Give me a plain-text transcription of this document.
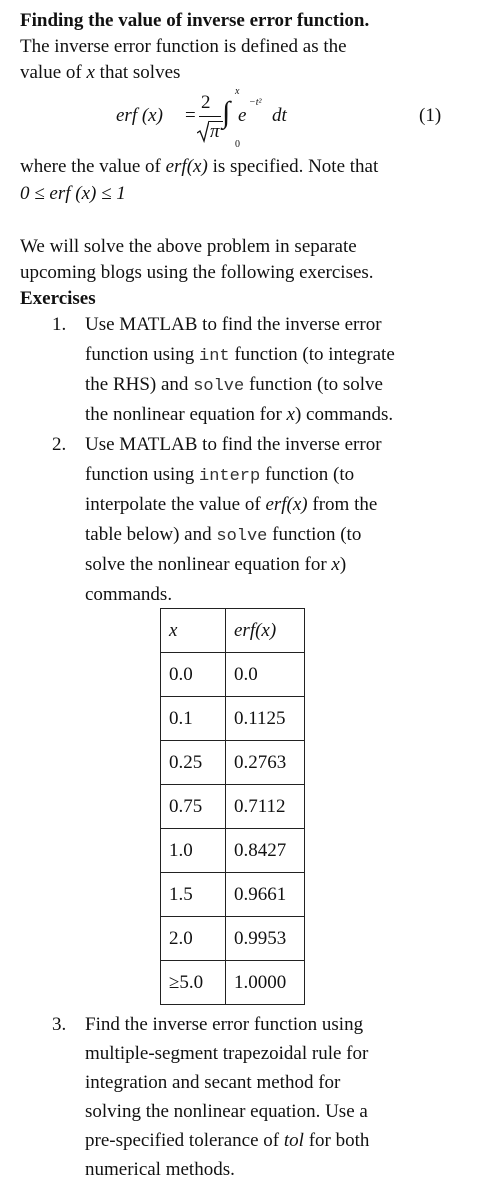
Finding the value of inverse error function.
The inverse error function is defined as the
value of x that solves
erf (x) =
2
π
x
∫
0
e
−t²
dt	(1)
where the value of erf(x) is specified. Note that
0 ≤ erf (x) ≤ 1
We will solve the above problem in separate
upcoming blogs using the following exercises.
Exercises
1. Use MATLAB to find the inverse error
function using int function (to integrate
the RHS) and solve function (to solve
the nonlinear equation for x) commands.
2. Use MATLAB to find the inverse error
function using interp function (to
interpolate the value of erf(x) from the
table below) and solve function (to
solve the nonlinear equation for x)
commands.
x	erf(x)
0.0	0.0
0.1	0.1125
0.25	0.2763
0.75	0.7112
1.0	0.8427
1.5	0.9661
2.0	0.9953
≥5.0	1.0000
3. Find the inverse error function using
multiple-segment trapezoidal rule for
integration and secant method for
solving the nonlinear equation. Use a
pre-specified tolerance of tol for both
numerical methods.
